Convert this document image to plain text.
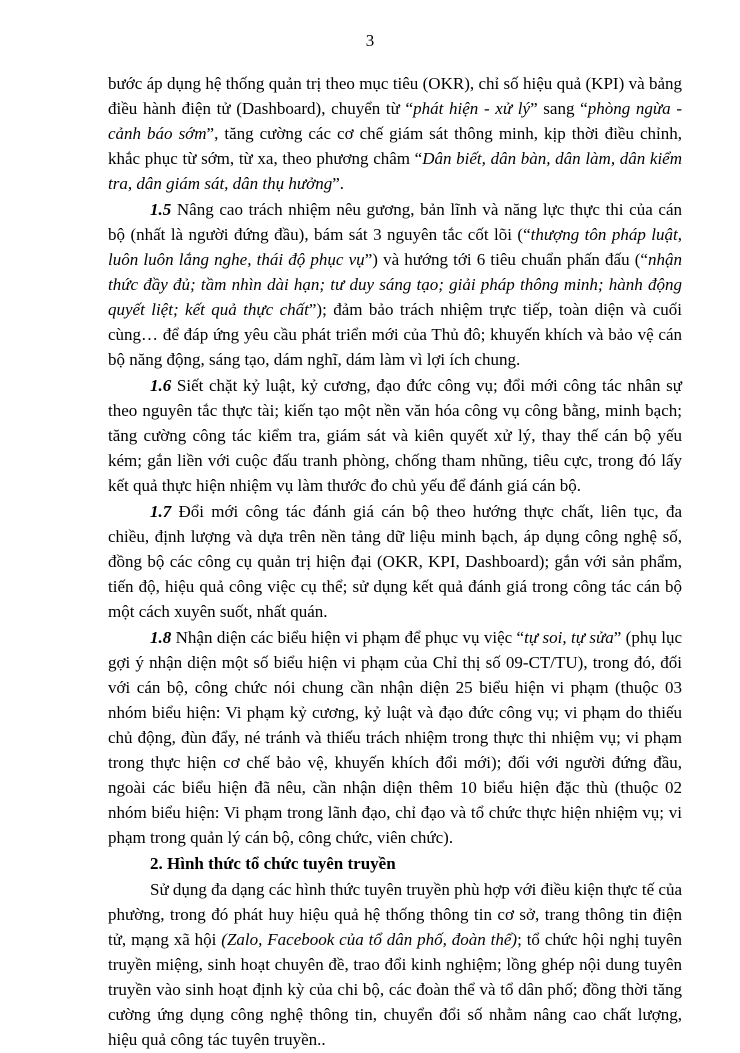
3

bước áp dụng hệ thống quản trị theo mục tiêu (OKR), chỉ số hiệu quả (KPI) và bảng điều hành điện tử (Dashboard), chuyển từ “phát hiện - xử lý” sang “phòng ngừa - cảnh báo sớm”, tăng cường các cơ chế giám sát thông minh, kịp thời điều chỉnh, khắc phục từ sớm, từ xa, theo phương châm “Dân biết, dân bàn, dân làm, dân kiểm tra, dân giám sát, dân thụ hưởng”.

1.5 Nâng cao trách nhiệm nêu gương, bản lĩnh và năng lực thực thi của cán bộ (nhất là người đứng đầu), bám sát 3 nguyên tắc cốt lõi (“thượng tôn pháp luật, luôn luôn lắng nghe, thái độ phục vụ”) và hướng tới 6 tiêu chuẩn phấn đấu (“nhận thức đầy đủ; tầm nhìn dài hạn; tư duy sáng tạo; giải pháp thông minh; hành động quyết liệt; kết quả thực chất”); đảm bảo trách nhiệm trực tiếp, toàn diện và cuối cùng… để đáp ứng yêu cầu phát triển mới của Thủ đô; khuyến khích và bảo vệ cán bộ năng động, sáng tạo, dám nghĩ, dám làm vì lợi ích chung.

1.6 Siết chặt kỷ luật, kỷ cương, đạo đức công vụ; đổi mới công tác nhân sự theo nguyên tắc thực tài; kiến tạo một nền văn hóa công vụ công bằng, minh bạch; tăng cường công tác kiểm tra, giám sát và kiên quyết xử lý, thay thế cán bộ yếu kém; gắn liền với cuộc đấu tranh phòng, chống tham nhũng, tiêu cực, trong đó lấy kết quả thực hiện nhiệm vụ làm thước đo chủ yếu để đánh giá cán bộ.

1.7 Đổi mới công tác đánh giá cán bộ theo hướng thực chất, liên tục, đa chiều, định lượng và dựa trên nền tảng dữ liệu minh bạch, áp dụng công nghệ số, đồng bộ các công cụ quản trị hiện đại (OKR, KPI, Dashboard); gắn với sản phẩm, tiến độ, hiệu quả công việc cụ thể; sử dụng kết quả đánh giá trong công tác cán bộ một cách xuyên suốt, nhất quán.

1.8 Nhận diện các biểu hiện vi phạm để phục vụ việc “tự soi, tự sửa” (phụ lục gợi ý nhận diện một số biểu hiện vi phạm của Chỉ thị số 09-CT/TU), trong đó, đối với cán bộ, công chức nói chung cần nhận diện 25 biểu hiện vi phạm (thuộc 03 nhóm biểu hiện: Vi phạm kỷ cương, kỷ luật và đạo đức công vụ; vi phạm do thiếu chủ động, đùn đẩy, né tránh và thiếu trách nhiệm trong thực thi nhiệm vụ; vi phạm trong thực hiện cơ chế bảo vệ, khuyến khích đổi mới); đối với người đứng đầu, ngoài các biểu hiện đã nêu, cần nhận diện thêm 10 biểu hiện đặc thù (thuộc 02 nhóm biểu hiện: Vi phạm trong lãnh đạo, chỉ đạo và tổ chức thực hiện nhiệm vụ; vi phạm trong quản lý cán bộ, công chức, viên chức).

2. Hình thức tổ chức tuyên truyền

Sử dụng đa dạng các hình thức tuyên truyền phù hợp với điều kiện thực tế của phường, trong đó phát huy hiệu quả hệ thống thông tin cơ sở, trang thông tin điện tử, mạng xã hội (Zalo, Facebook của tổ dân phố, đoàn thể); tổ chức hội nghị tuyên truyền miệng, sinh hoạt chuyên đề, trao đổi kinh nghiệm; lồng ghép nội dung tuyên truyền vào sinh hoạt định kỳ của chi bộ, các đoàn thể và tổ dân phố; đồng thời tăng cường ứng dụng công nghệ thông tin, chuyển đổi số nhằm nâng cao chất lượng, hiệu quả công tác tuyên truyền..
